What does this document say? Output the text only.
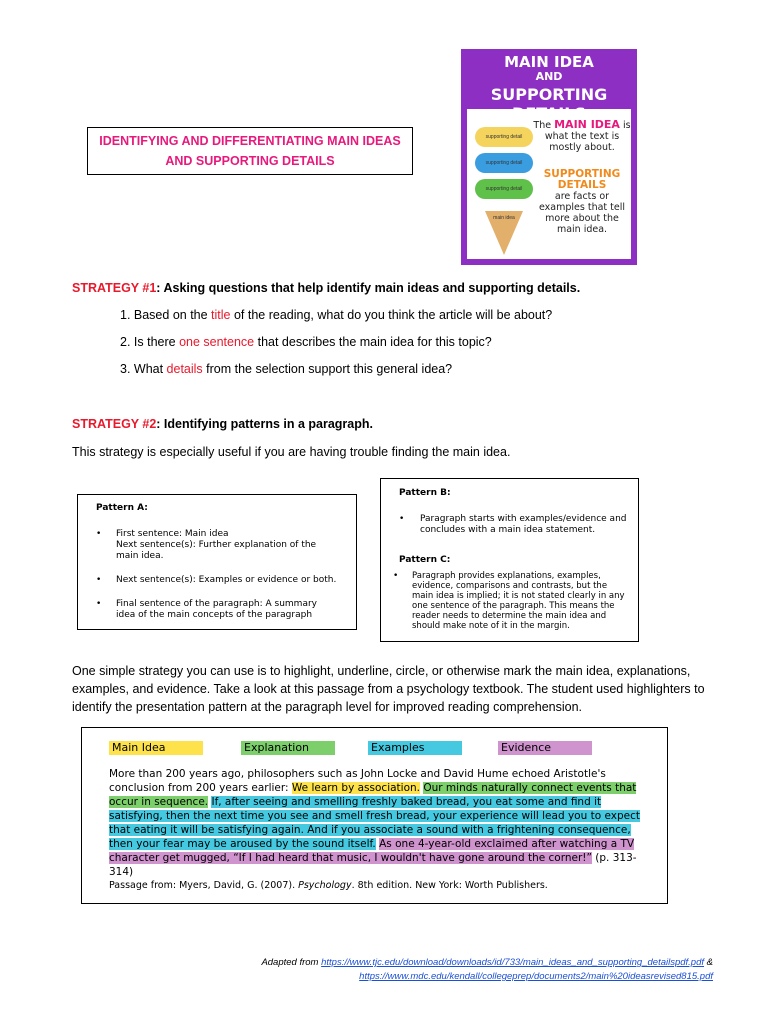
IDENTIFYING AND DIFFERENTIATING MAIN IDEAS
AND SUPPORTING DETAILS
MAIN IDEA
AND
SUPPORTING
supporting detail
supporting detail
supporting detail
main idea
The MAIN IDEA is what the text is mostly about.
SUPPORTING DETAILS
are facts or examples that tell more about the main idea.
STRATEGY #1: Asking questions that help identify main ideas and supporting details.
1. Based on the title of the reading, what do you think the article will be about?
2. Is there one sentence that describes the main idea for this topic?
3. What details from the selection support this general idea?
STRATEGY #2: Identifying patterns in a paragraph.
This strategy is especially useful if you are having trouble finding the main idea.
Pattern A:
• First sentence: Main idea
Next sentence(s): Further explanation of the
main idea.
• Next sentence(s): Examples or evidence or both.
• Final sentence of the paragraph: A summary
idea of the main concepts of the paragraph
Pattern B:
• Paragraph starts with examples/evidence and
concludes with a main idea statement.
Pattern C:
• Paragraph provides explanations, examples,
evidence, comparisons and contrasts, but the
main idea is implied; it is not stated clearly in any
one sentence of the paragraph. This means the
reader needs to determine the main idea and
should make note of it in the margin.
One simple strategy you can use is to highlight, underline, circle, or otherwise mark the main idea, explanations, examples, and evidence. Take a look at this passage from a psychology textbook. The student used highlighters to identify the presentation pattern at the paragraph level for improved reading comprehension.
Main Idea	Explanation	Examples	Evidence
More than 200 years ago, philosophers such as John Locke and David Hume echoed Aristotle's conclusion from 200 years earlier: We learn by association. Our minds naturally connect events that occur in sequence. If, after seeing and smelling freshly baked bread, you eat some and find it satisfying, then the next time you see and smell fresh bread, your experience will lead you to expect that eating it will be satisfying again. And if you associate a sound with a frightening consequence, then your fear may be aroused by the sound itself. As one 4-year-old exclaimed after watching a TV character get mugged, “If I had heard that music, I wouldn't have gone around the corner!” (p. 313-314)
Passage from: Myers, David, G. (2007). Psychology. 8th edition. New York: Worth Publishers.
Adapted from https://www.tjc.edu/download/downloads/id/733/main_ideas_and_supporting_detailspdf.pdf &
https://www.mdc.edu/kendall/collegeprep/documents2/main%20ideasrevised815.pdf
